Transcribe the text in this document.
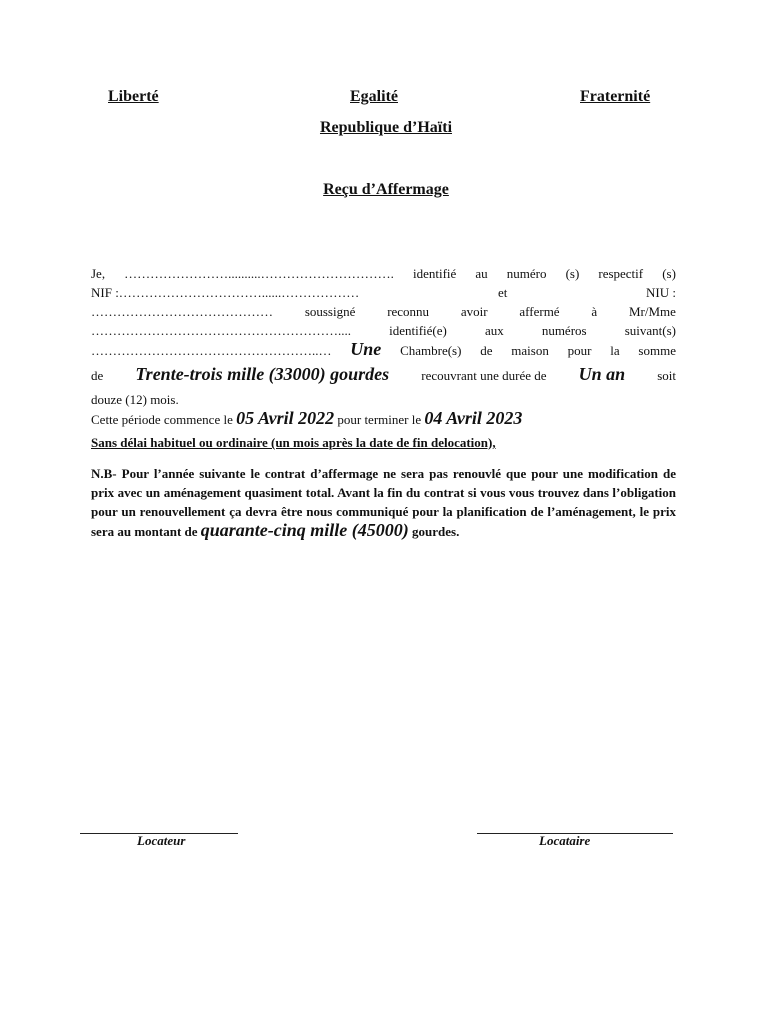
Liberté	Egalité	Fraternité
Republique d’Haïti
Reçu d’Affermage
Je, ……………………..........…………………………. identifié au numéro (s) respectif (s)
NIF :……………………………......………………	et	NIU :
…………………………………… soussigné reconnu avoir affermé à Mr/Mme
…………………………………………………....	identifié(e)	aux	numéros	suivant(s)
……………………………………………..… Une Chambre(s) de maison pour la somme
de Trente-trois mille (33000) gourdes recouvrant une durée de Un an soit
douze (12) mois.
Cette période commence le 05 Avril 2022 pour terminer le 04 Avril 2023
Sans délai habituel ou ordinaire (un mois après la date de fin delocation),
N.B- Pour l’année suivante le contrat d’affermage ne sera pas renouvlé que pour une modification de prix avec un aménagement quasiment total. Avant la fin du contrat si vous vous trouvez dans l’obligation pour un renouvellement ça devra être nous communiqué pour la planification de l’aménagement, le prix sera au montant de quarante-cinq mille (45000) gourdes.
Locateur	Locataire
